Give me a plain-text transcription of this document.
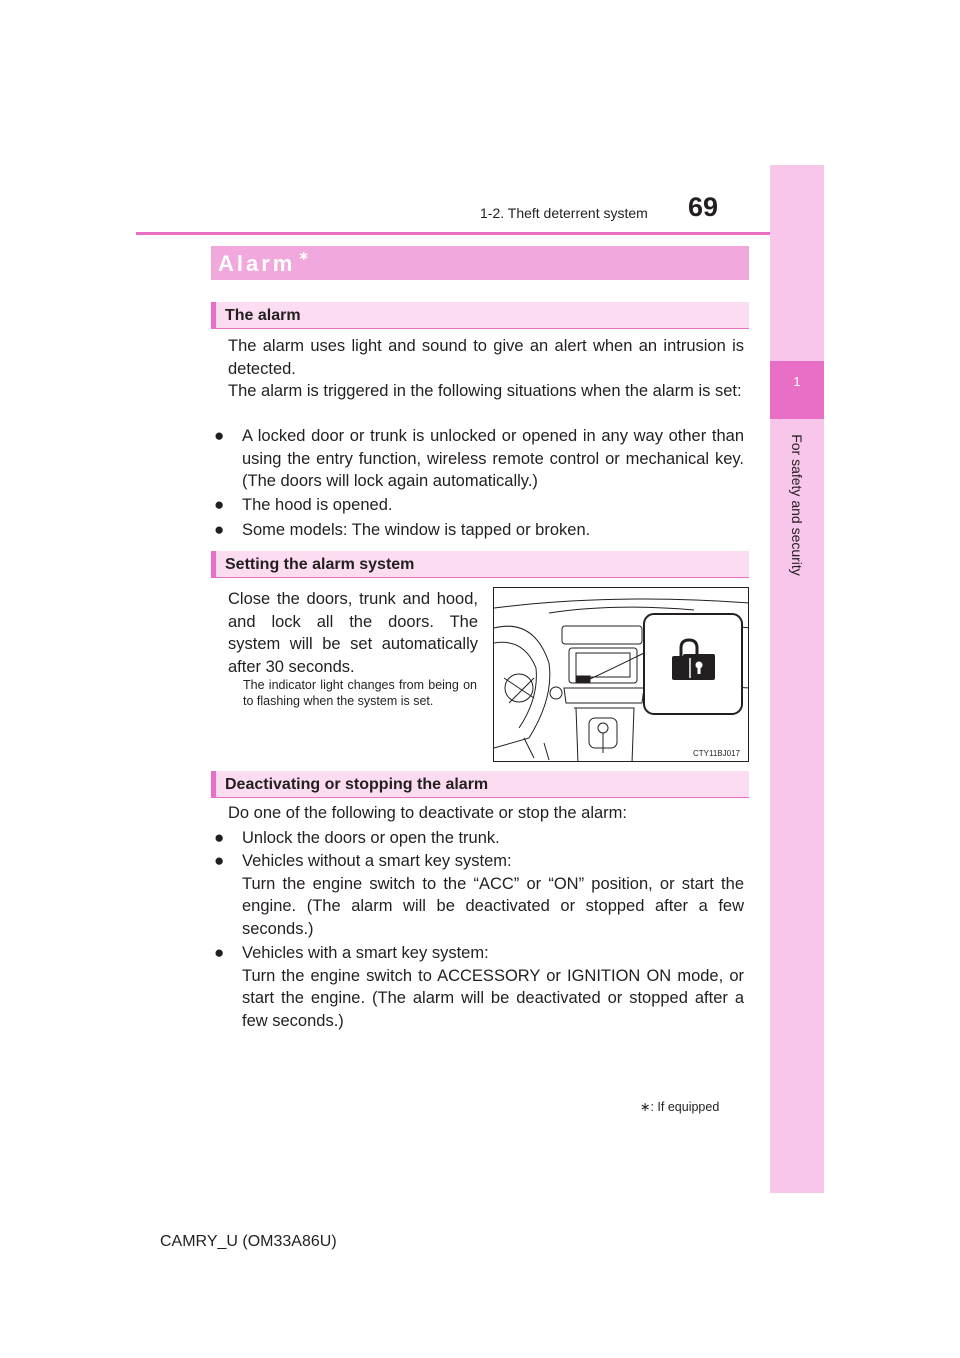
1-2. Theft deterrent system	69
1
For safety and security
Alarm ∗
The alarm
The alarm uses light and sound to give an alert when an intrusion is detected.
The alarm is triggered in the following situations when the alarm is set:
● A locked door or trunk is unlocked or opened in any way other than using the entry function, wireless remote control or mechanical key. (The doors will lock again automatically.)
● The hood is opened.
● Some models: The window is tapped or broken.
Setting the alarm system
Close the doors, trunk and hood, and lock all the doors. The system will be set automatically after 30 seconds.
The indicator light changes from being on to flashing when the system is set.
CTY11BJ017
Deactivating or stopping the alarm
Do one of the following to deactivate or stop the alarm:
● Unlock the doors or open the trunk.
● Vehicles without a smart key system:
Turn the engine switch to the “ACC” or “ON” position, or start the engine. (The alarm will be deactivated or stopped after a few seconds.)
● Vehicles with a smart key system:
Turn the engine switch to ACCESSORY or IGNITION ON mode, or start the engine. (The alarm will be deactivated or stopped after a few seconds.)
∗: If equipped
CAMRY_U (OM33A86U)
